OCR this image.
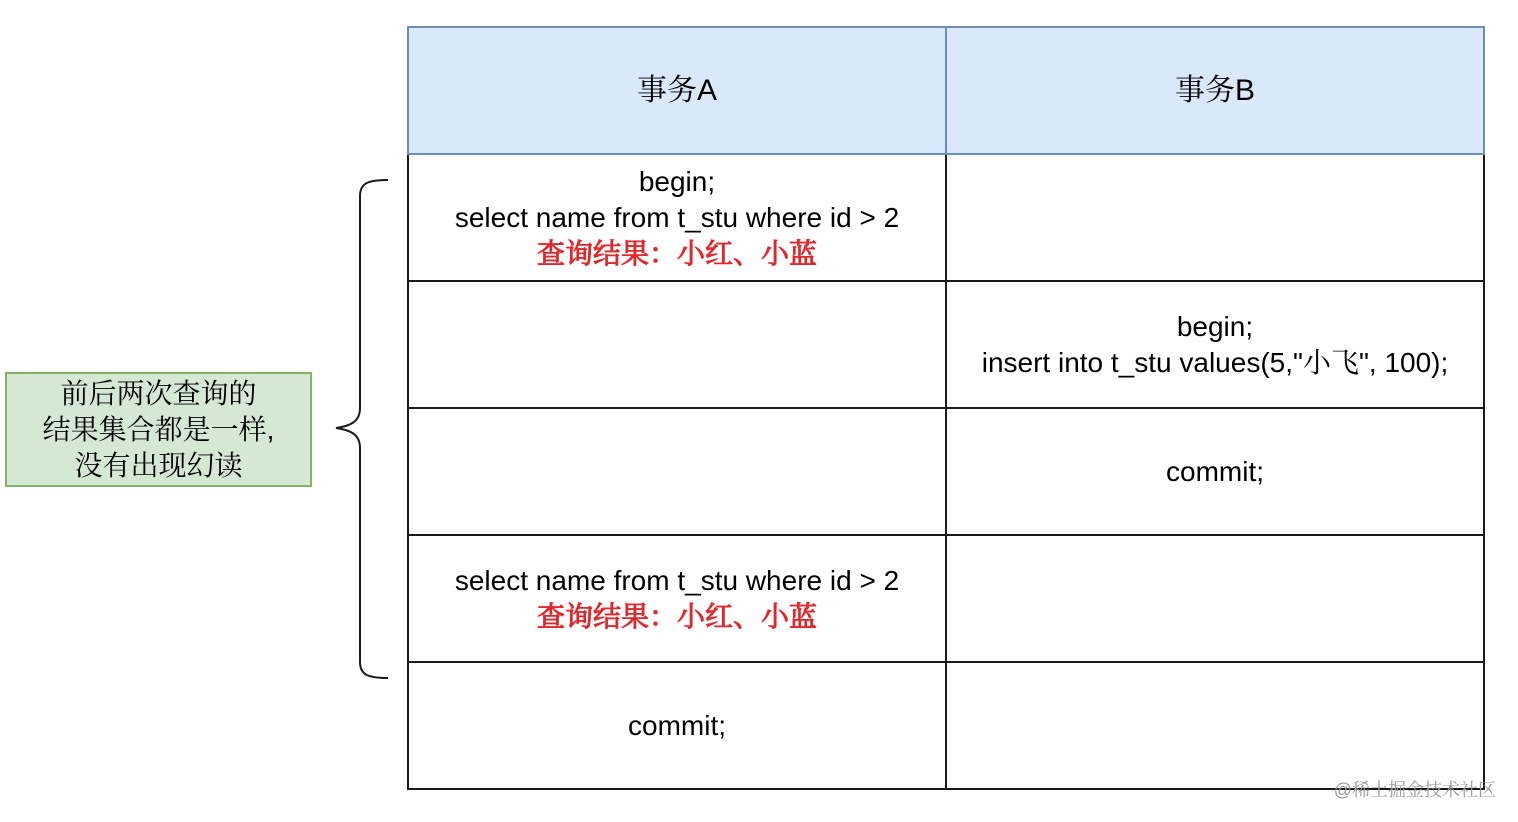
事务A	事务B

begin;
select name from t_stu where id > 2
查询结果：小红、小蓝	

	begin;
insert into t_stu values(5,"小飞", 100);

	commit;

select name from t_stu where id > 2
查询结果：小红、小蓝	

commit;	

前后两次查询的
结果集合都是一样,
没有出现幻读
@稀土掘金技术社区
